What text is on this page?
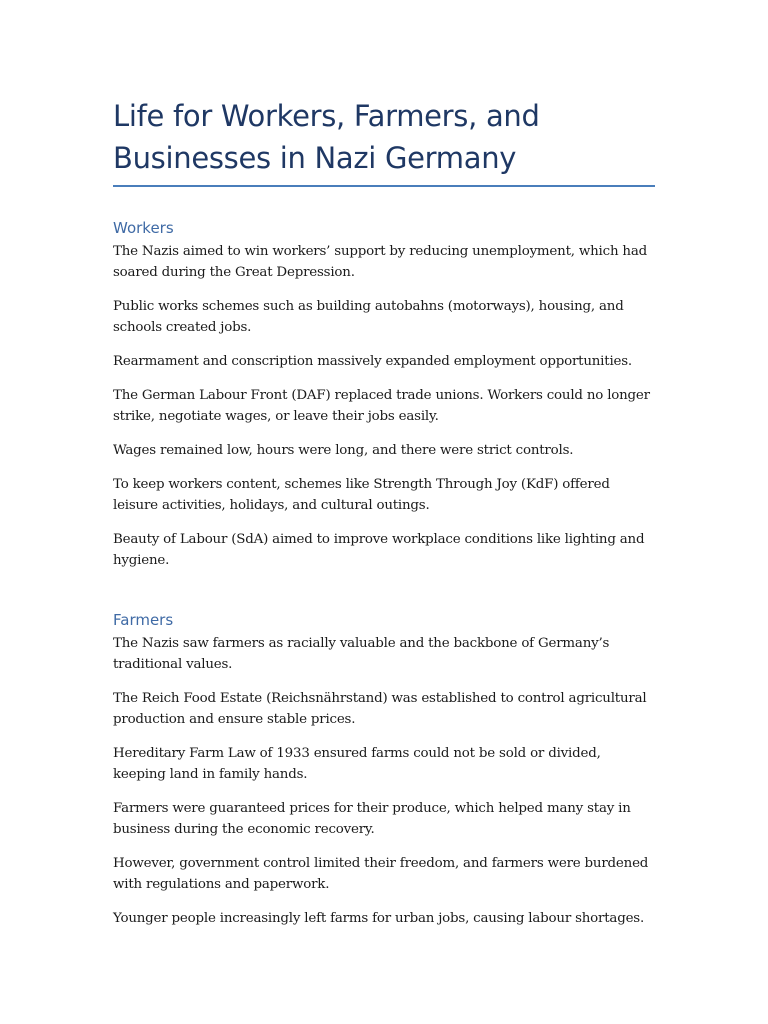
Life for Workers, Farmers, and Businesses in Nazi Germany
Workers

The Nazis aimed to win workers’ support by reducing unemployment, which had soared during the Great Depression.

Public works schemes such as building autobahns (motorways), housing, and schools created jobs.

Rearmament and conscription massively expanded employment opportunities.

The German Labour Front (DAF) replaced trade unions. Workers could no longer strike, negotiate wages, or leave their jobs easily.

Wages remained low, hours were long, and there were strict controls.

To keep workers content, schemes like Strength Through Joy (KdF) offered leisure activities, holidays, and cultural outings.

Beauty of Labour (SdA) aimed to improve workplace conditions like lighting and hygiene.

Farmers

The Nazis saw farmers as racially valuable and the backbone of Germany’s traditional values.

The Reich Food Estate (Reichsnährstand) was established to control agricultural production and ensure stable prices.

Hereditary Farm Law of 1933 ensured farms could not be sold or divided, keeping land in family hands.

Farmers were guaranteed prices for their produce, which helped many stay in business during the economic recovery.

However, government control limited their freedom, and farmers were burdened with regulations and paperwork.

Younger people increasingly left farms for urban jobs, causing labour shortages.
